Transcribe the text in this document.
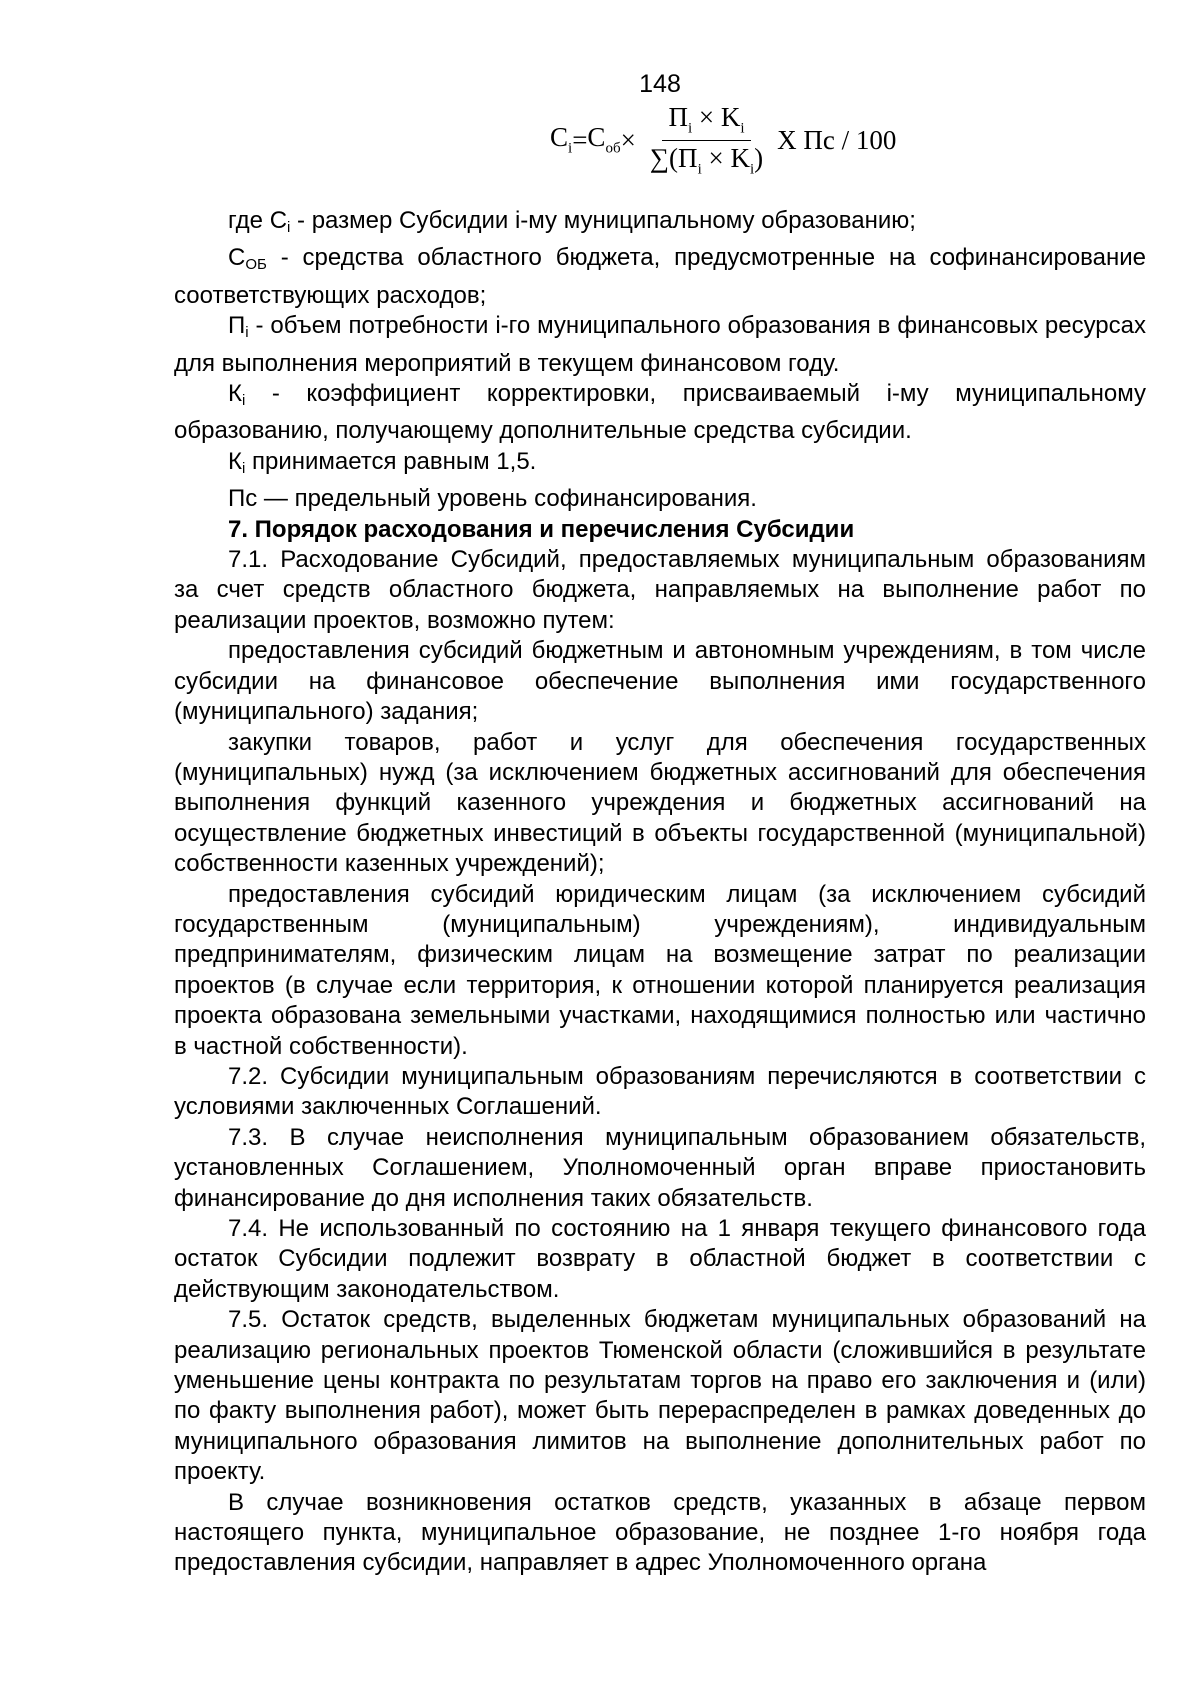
148
$C_i = C_{об} \times \frac{П_i \times K_i}{\sum(П_i \times K_i)}$ X Пс / 100

где Сi - размер Субсидии i-му муниципальному образованию;

СОБ - средства областного бюджета, предусмотренные на софинансирование соответствующих расходов;

Пi - объем потребности i-го муниципального образования в финансовых ресурсах для выполнения мероприятий в текущем финансовом году.

Кi - коэффициент корректировки, присваиваемый i-му муниципальному образованию, получающему дополнительные средства субсидии.

Кi принимается равным 1,5.

Пс — предельный уровень софинансирования.

7. Порядок расходования и перечисления Субсидии

7.1. Расходование Субсидий, предоставляемых муниципальным образованиям за счет средств областного бюджета, направляемых на выполнение работ по реализации проектов, возможно путем:

предоставления субсидий бюджетным и автономным учреждениям, в том числе субсидии на финансовое обеспечение выполнения ими государственного (муниципального) задания;

закупки товаров, работ и услуг для обеспечения государственных (муниципальных) нужд (за исключением бюджетных ассигнований для обеспечения выполнения функций казенного учреждения и бюджетных ассигнований на осуществление бюджетных инвестиций в объекты государственной (муниципальной) собственности казенных учреждений);

предоставления субсидий юридическим лицам (за исключением субсидий государственным (муниципальным) учреждениям), индивидуальным предпринимателям, физическим лицам на возмещение затрат по реализации проектов (в случае если территория, к отношении которой планируется реализация проекта образована земельными участками, находящимися полностью или частично в частной собственности).

7.2. Субсидии муниципальным образованиям перечисляются в соответствии с условиями заключенных Соглашений.

7.3. В случае неисполнения муниципальным образованием обязательств, установленных Соглашением, Уполномоченный орган вправе приостановить финансирование до дня исполнения таких обязательств.

7.4. Не использованный по состоянию на 1 января текущего финансового года остаток Субсидии подлежит возврату в областной бюджет в соответствии с действующим законодательством.

7.5. Остаток средств, выделенных бюджетам муниципальных образований на реализацию региональных проектов Тюменской области (сложившийся в результате уменьшение цены контракта по результатам торгов на право его заключения и (или) по факту выполнения работ), может быть перераспределен в рамках доведенных до муниципального образования лимитов на выполнение дополнительных работ по проекту.

В случае возникновения остатков средств, указанных в абзаце первом настоящего пункта, муниципальное образование, не позднее 1-го ноября года предоставления субсидии, направляет в адрес Уполномоченного органа
